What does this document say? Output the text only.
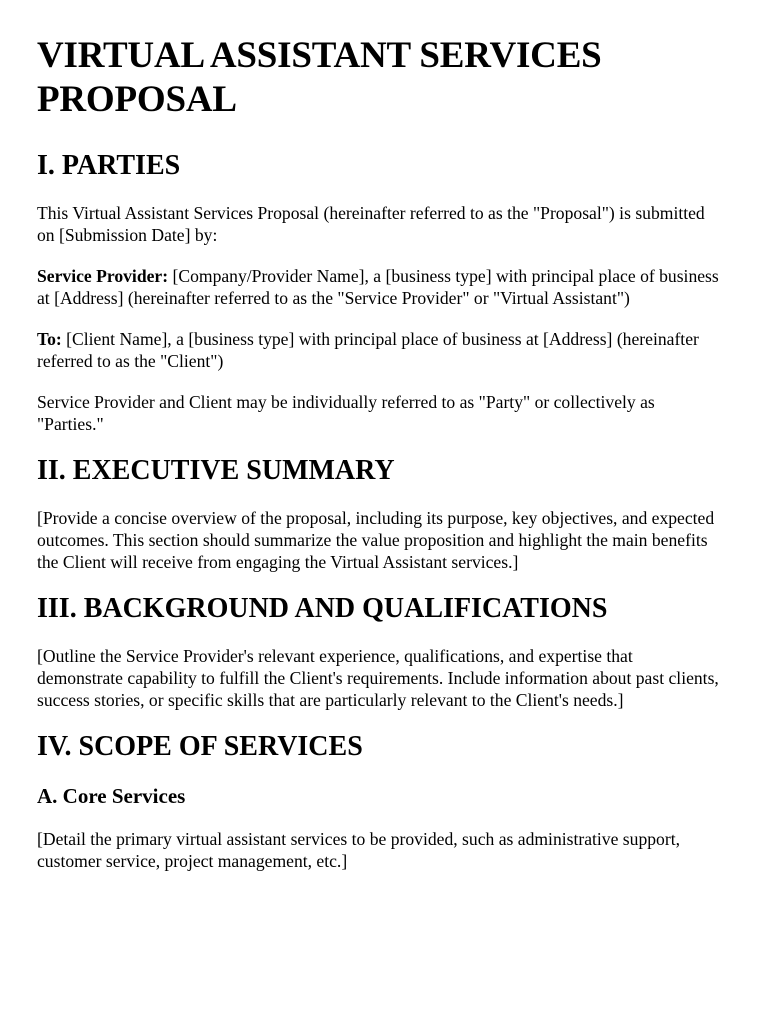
VIRTUAL ASSISTANT SERVICES PROPOSAL
I. PARTIES

This Virtual Assistant Services Proposal (hereinafter referred to as the "Proposal") is submitted on [Submission Date] by:

Service Provider: [Company/Provider Name], a [business type] with principal place of business at [Address] (hereinafter referred to as the "Service Provider" or "Virtual Assistant")

To: [Client Name], a [business type] with principal place of business at [Address] (hereinafter referred to as the "Client")

Service Provider and Client may be individually referred to as "Party" or collectively as "Parties."

II. EXECUTIVE SUMMARY

[Provide a concise overview of the proposal, including its purpose, key objectives, and expected outcomes. This section should summarize the value proposition and highlight the main benefits the Client will receive from engaging the Virtual Assistant services.]

III. BACKGROUND AND QUALIFICATIONS

[Outline the Service Provider's relevant experience, qualifications, and expertise that demonstrate capability to fulfill the Client's requirements. Include information about past clients, success stories, or specific skills that are particularly relevant to the Client's needs.]

IV. SCOPE OF SERVICES
A. Core Services

[Detail the primary virtual assistant services to be provided, such as administrative support, customer service, project management, etc.]
